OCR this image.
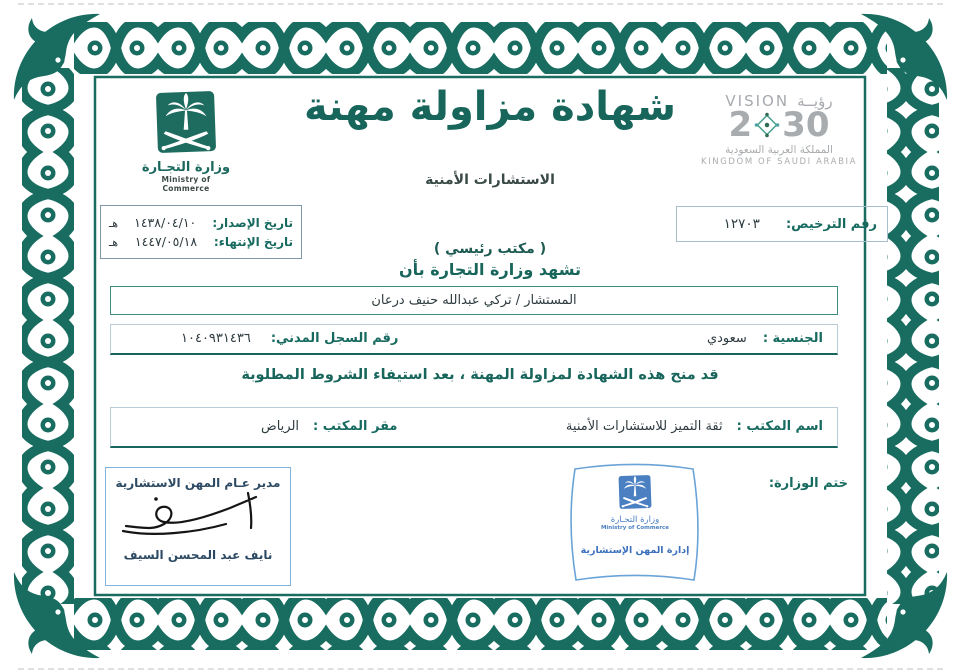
وزارة التجـارة
Ministry of Commerce
شهادة مزاولة مهنة
الاستشارات الأمنية
VISION رؤيــة
2 30
المملكة العربية السعودية
KINGDOM OF SAUDI ARABIA
رقم الترخيص:
١٢٧٠٣
تاريخ الإصدار:
١٤٣٨/٠٤/١٠
هـ
تاريخ الإنتهاء:
١٤٤٧/٠٥/١٨
هـ	( مكتب رئيسي )
تشهد وزارة التجارة بأن
المستشار / تركي عبدالله حنيف درعان
الجنسية :
سعودي
رقم السجل المدني:
١٠٤٠٩٣١٤٣٦
قد منح هذه الشهادة لمزاولة المهنة ، بعد استيفاء الشروط المطلوبة
اسم المكتب :
ثقة التميز للاستشارات الأمنية
مقر المكتب :
الرياض
ختم الوزارة:
وزارة التجـارة
Ministry of Commerce
إدارة المهن الإستشارية
مدير عـام المهن الاستشارية
نايف عبد المحسن السيف
